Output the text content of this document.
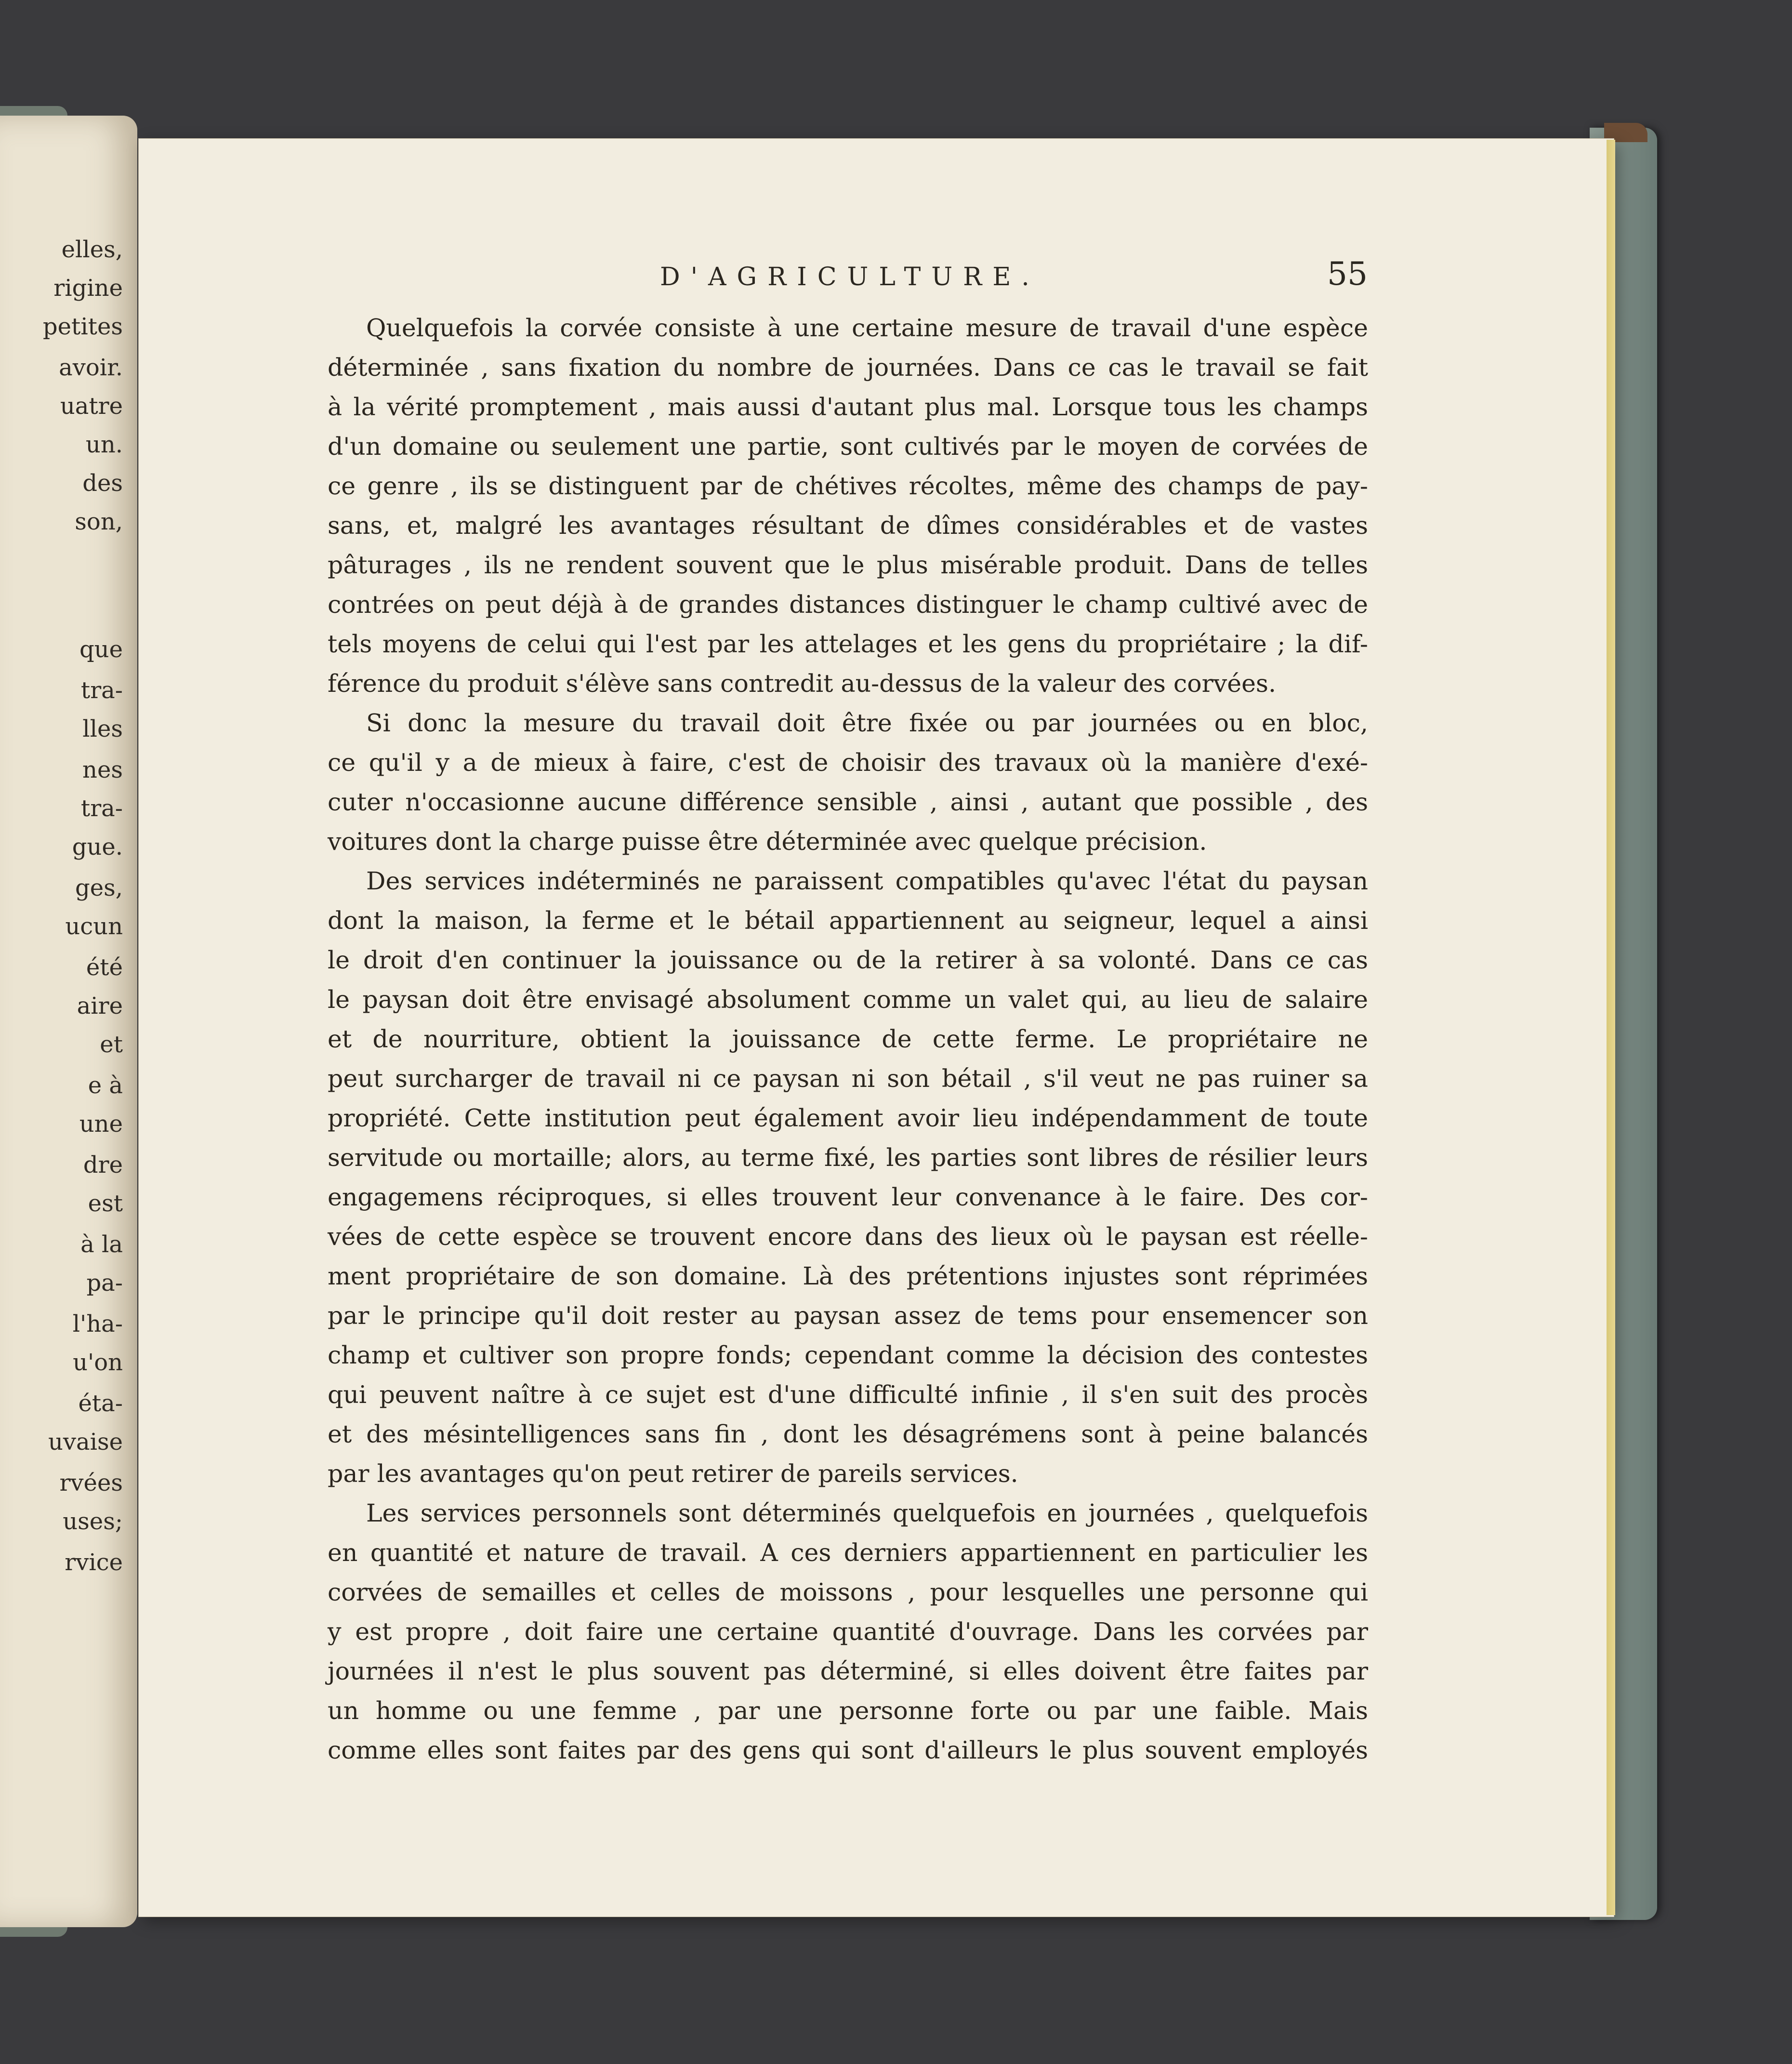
elles,
rigine
petites
avoir.
uatre
un.
des
son,
que
tra-
lles
nes
tra-
gue.
ges,
ucun
été
aire
et
e à
une
dre
est
à la
pa-
l'ha-
u'on
éta-
uvaise
rvées
uses;
rvice
D'AGRICULTURE.	55

Quelquefois la corvée consiste à une certaine mesure de travail d'une espèce
déterminée , sans fixation du nombre de journées. Dans ce cas le travail se fait
à la vérité promptement , mais aussi d'autant plus mal. Lorsque tous les champs
d'un domaine ou seulement une partie, sont cultivés par le moyen de corvées de
ce genre , ils se distinguent par de chétives récoltes, même des champs de pay-
sans, et, malgré les avantages résultant de dîmes considérables et de vastes
pâturages , ils ne rendent souvent que le plus misérable produit. Dans de telles
contrées on peut déjà à de grandes distances distinguer le champ cultivé avec de
tels moyens de celui qui l'est par les attelages et les gens du propriétaire ; la dif-
férence du produit s'élève sans contredit au-dessus de la valeur des corvées.

Si donc la mesure du travail doit être fixée ou par journées ou en bloc,
ce qu'il y a de mieux à faire, c'est de choisir des travaux où la manière d'exé-
cuter n'occasionne aucune différence sensible , ainsi , autant que possible , des
voitures dont la charge puisse être déterminée avec quelque précision.

Des services indéterminés ne paraissent compatibles qu'avec l'état du paysan
dont la maison, la ferme et le bétail appartiennent au seigneur, lequel a ainsi
le droit d'en continuer la jouissance ou de la retirer à sa volonté. Dans ce cas
le paysan doit être envisagé absolument comme un valet qui, au lieu de salaire
et de nourriture, obtient la jouissance de cette ferme. Le propriétaire ne
peut surcharger de travail ni ce paysan ni son bétail , s'il veut ne pas ruiner sa
propriété. Cette institution peut également avoir lieu indépendamment de toute
servitude ou mortaille; alors, au terme fixé, les parties sont libres de résilier leurs
engagemens réciproques, si elles trouvent leur convenance à le faire. Des cor-
vées de cette espèce se trouvent encore dans des lieux où le paysan est réelle-
ment propriétaire de son domaine. Là des prétentions injustes sont réprimées
par le principe qu'il doit rester au paysan assez de tems pour ensemencer son
champ et cultiver son propre fonds; cependant comme la décision des contestes
qui peuvent naître à ce sujet est d'une difficulté infinie , il s'en suit des procès
et des mésintelligences sans fin , dont les désagrémens sont à peine balancés
par les avantages qu'on peut retirer de pareils services.

Les services personnels sont déterminés quelquefois en journées , quelquefois
en quantité et nature de travail. A ces derniers appartiennent en particulier les
corvées de semailles et celles de moissons , pour lesquelles une personne qui
y est propre , doit faire une certaine quantité d'ouvrage. Dans les corvées par
journées il n'est le plus souvent pas déterminé, si elles doivent être faites par
un homme ou une femme , par une personne forte ou par une faible. Mais
comme elles sont faites par des gens qui sont d'ailleurs le plus souvent employés
